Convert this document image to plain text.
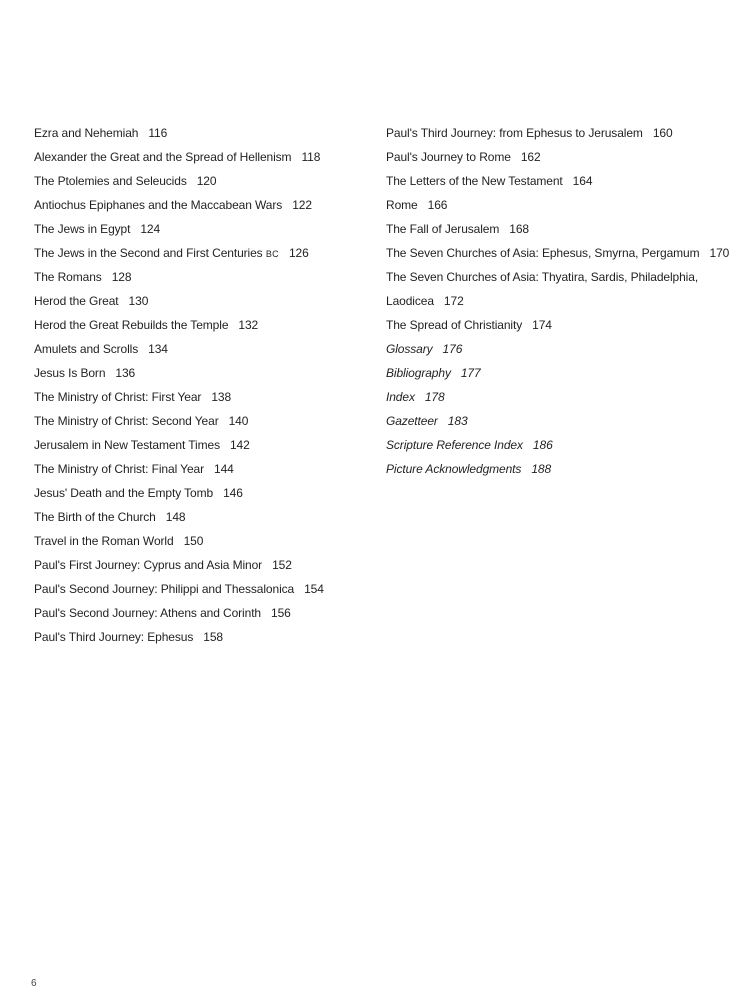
Ezra and Nehemiah 116
Alexander the Great and the Spread of Hellenism 118
The Ptolemies and Seleucids 120
Antiochus Epiphanes and the Maccabean Wars 122
The Jews in Egypt 124
The Jews in the Second and First Centuries BC 126
The Romans 128
Herod the Great 130
Herod the Great Rebuilds the Temple 132
Amulets and Scrolls 134
Jesus Is Born 136
The Ministry of Christ: First Year 138
The Ministry of Christ: Second Year 140
Jerusalem in New Testament Times 142
The Ministry of Christ: Final Year 144
Jesus' Death and the Empty Tomb 146
The Birth of the Church 148
Travel in the Roman World 150
Paul's First Journey: Cyprus and Asia Minor 152
Paul's Second Journey: Philippi and Thessalonica 154
Paul's Second Journey: Athens and Corinth 156
Paul's Third Journey: Ephesus 158
Paul's Third Journey: from Ephesus to Jerusalem 160
Paul's Journey to Rome 162
The Letters of the New Testament 164
Rome 166
The Fall of Jerusalem 168
The Seven Churches of Asia: Ephesus, Smyrna, Pergamum 170
The Seven Churches of Asia: Thyatira, Sardis, Philadelphia,
Laodicea 172
The Spread of Christianity 174
Glossary 176
Bibliography 177
Index 178
Gazetteer 183
Scripture Reference Index 186
Picture Acknowledgments 188
6
